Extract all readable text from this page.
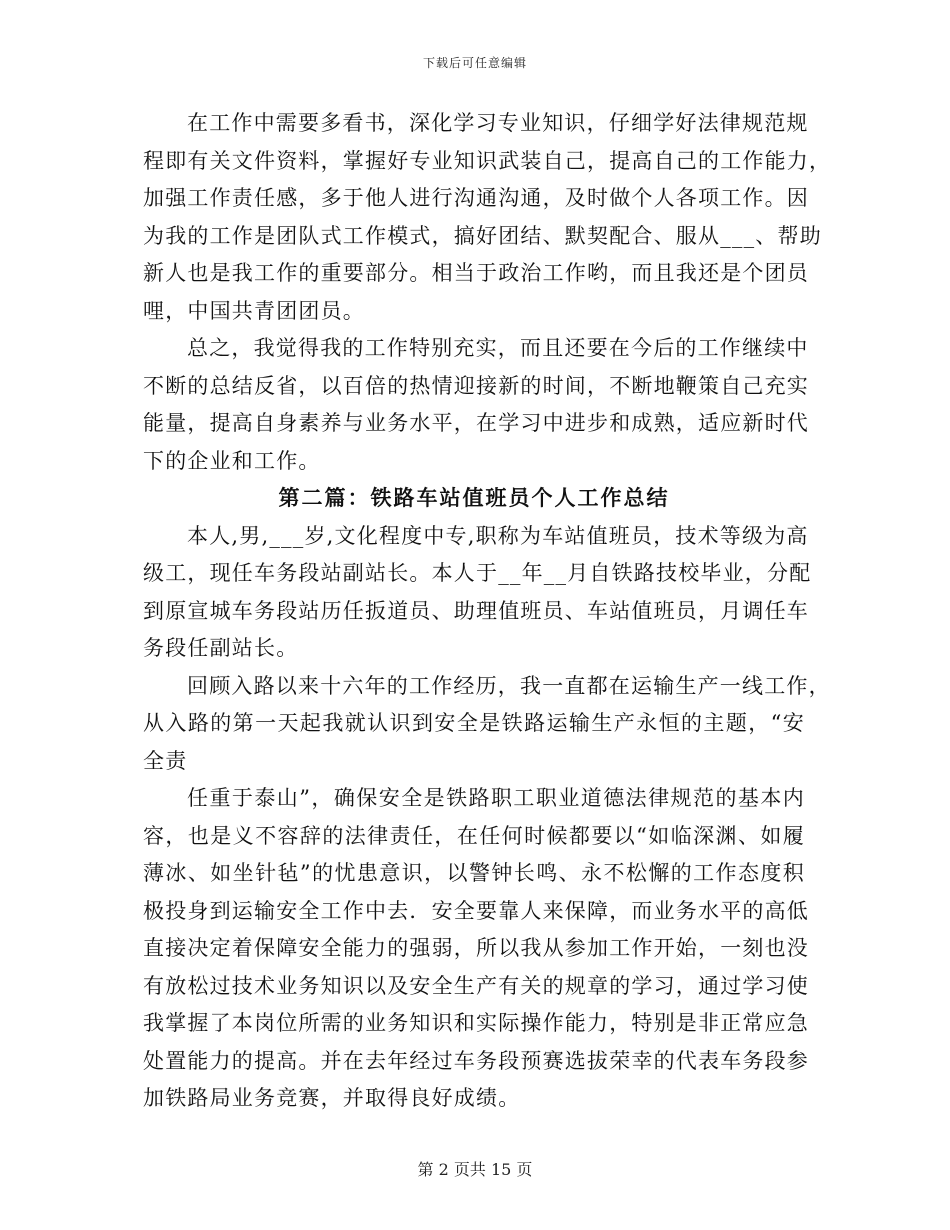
下载后可任意编辑
在工作中需要多看书，深化学习专业知识，仔细学好法律规范规
程即有关文件资料，掌握好专业知识武装自己，提高自己的工作能力，
加强工作责任感，多于他人进行沟通沟通，及时做个人各项工作。因
为我的工作是团队式工作模式，搞好团结、默契配合、服从___、帮助
新人也是我工作的重要部分。相当于政治工作哟，而且我还是个团员
哩，中国共青团团员。
总之，我觉得我的工作特别充实，而且还要在今后的工作继续中
不断的总结反省，以百倍的热情迎接新的时间，不断地鞭策自己充实
能量，提高自身素养与业务水平，在学习中进步和成熟，适应新时代
下的企业和工作。
第二篇：铁路车站值班员个人工作总结
本人,男,___岁,文化程度中专,职称为车站值班员，技术等级为高
级工，现任车务段站副站长。本人于__年__月自铁路技校毕业，分配
到原宣城车务段站历任扳道员、助理值班员、车站值班员，月调任车
务段任副站长。
回顾入路以来十六年的工作经历，我一直都在运输生产一线工作，
从入路的第一天起我就认识到安全是铁路运输生产永恒的主题，“安
全责
任重于泰山”，确保安全是铁路职工职业道德法律规范的基本内
容，也是义不容辞的法律责任，在任何时候都要以“如临深渊、如履
薄冰、如坐针毡”的忧患意识，以警钟长鸣、永不松懈的工作态度积
极投身到运输安全工作中去．安全要靠人来保障，而业务水平的高低
直接决定着保障安全能力的强弱，所以我从参加工作开始，一刻也没
有放松过技术业务知识以及安全生产有关的规章的学习，通过学习使
我掌握了本岗位所需的业务知识和实际操作能力，特别是非正常应急
处置能力的提高。并在去年经过车务段预赛选拔荣幸的代表车务段参
加铁路局业务竞赛，并取得良好成绩。
第 2 页共 15 页
